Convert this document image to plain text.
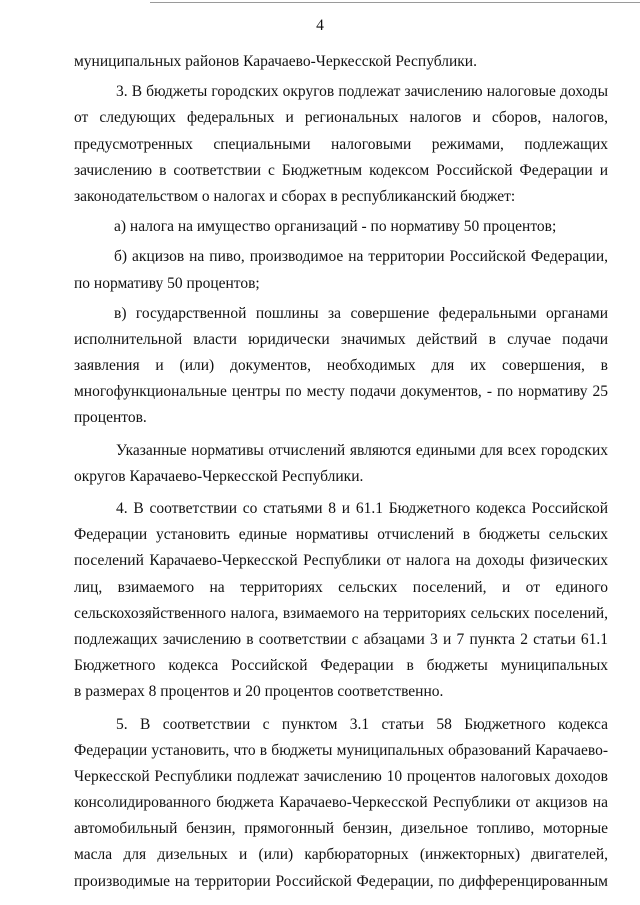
4

муниципальных районов Карачаево-Черкесской Республики.

3. В бюджеты городских округов подлежат зачислению налоговые доходы
от следующих федеральных и региональных налогов и сборов, налогов,
предусмотренных специальными налоговыми режимами, подлежащих
зачислению в соответствии с Бюджетным кодексом Российской Федерации и
законодательством о налогах и сборах в республиканский бюджет:

а) налога на имущество организаций - по нормативу 50 процентов;

б) акцизов на пиво, производимое на территории Российской Федерации,
по нормативу 50 процентов;

в) государственной пошлины за совершение федеральными органами
исполнительной власти юридически значимых действий в случае подачи
заявления и (или) документов, необходимых для их совершения, в
многофункциональные центры по месту подачи документов, - по нормативу 25
процентов.

Указанные нормативы отчислений являются едиными для всех городских
округов Карачаево-Черкесской Республики.

4. В соответствии со статьями 8 и 61.1 Бюджетного кодекса Российской
Федерации установить единые нормативы отчислений в бюджеты сельских
поселений Карачаево-Черкесской Республики от налога на доходы физических
лиц, взимаемого на территориях сельских поселений, и от единого
сельскохозяйственного налога, взимаемого на территориях сельских поселений,
подлежащих зачислению в соответствии с абзацами 3 и 7 пункта 2 статьи 61.1
Бюджетного кодекса Российской Федерации в бюджеты муниципальных
в размерах 8 процентов и 20 процентов соответственно.

5. В соответствии с пунктом 3.1 статьи 58 Бюджетного кодекса
Федерации установить, что в бюджеты муниципальных образований Карачаево-
Черкесской Республики подлежат зачислению 10 процентов налоговых доходов
консолидированного бюджета Карачаево-Черкесской Республики от акцизов на
автомобильный бензин, прямогонный бензин, дизельное топливо, моторные
масла для дизельных и (или) карбюраторных (инжекторных) двигателей,
производимые на территории Российской Федерации, по дифференцированным
